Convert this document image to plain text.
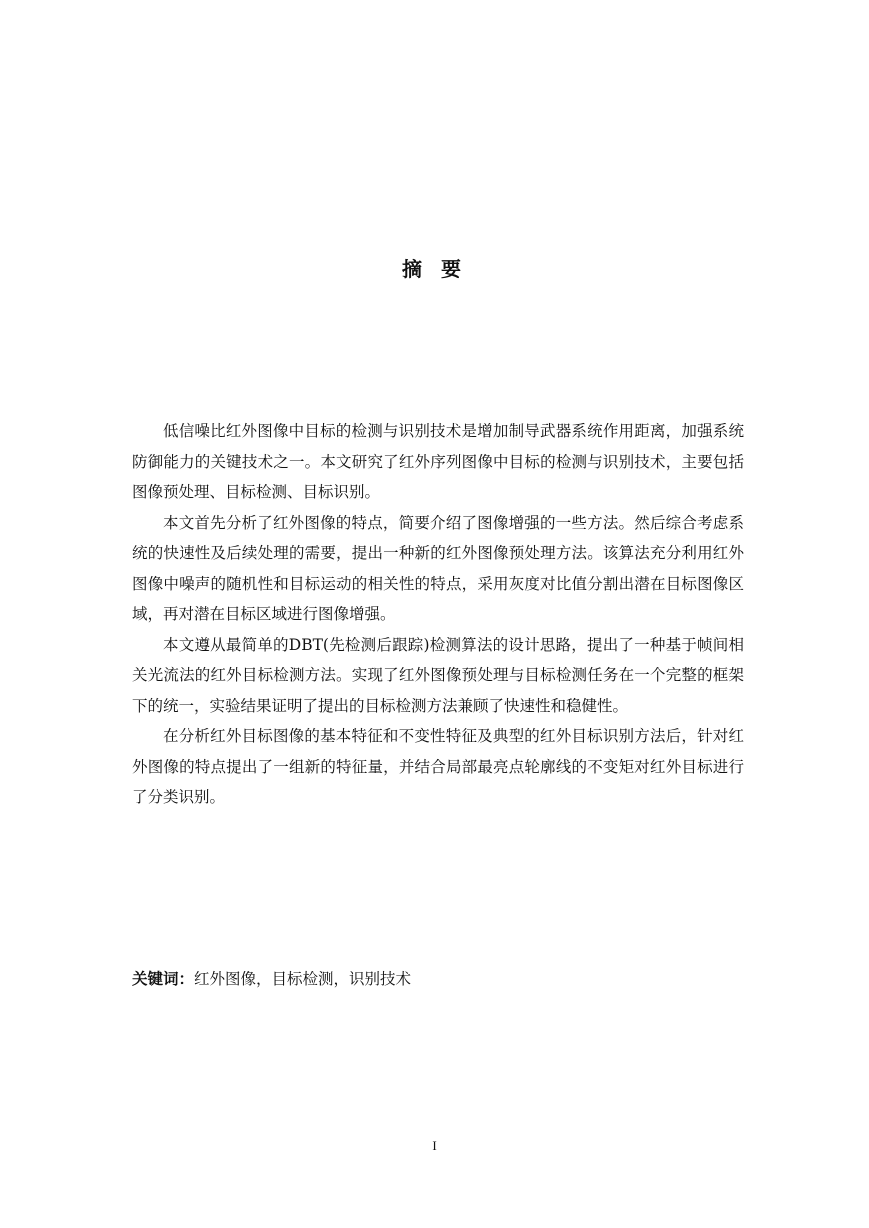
摘 要

低信噪比红外图像中目标的检测与识别技术是增加制导武器系统作用距离，加强系统防御能力的关键技术之一。本文研究了红外序列图像中目标的检测与识别技术，主要包括图像预处理、目标检测、目标识别。

本文首先分析了红外图像的特点，简要介绍了图像增强的一些方法。然后综合考虑系统的快速性及后续处理的需要，提出一种新的红外图像预处理方法。该算法充分利用红外图像中噪声的随机性和目标运动的相关性的特点，采用灰度对比值分割出潜在目标图像区域，再对潜在目标区域进行图像增强。

本文遵从最简单的DBT(先检测后跟踪)检测算法的设计思路，提出了一种基于帧间相关光流法的红外目标检测方法。实现了红外图像预处理与目标检测任务在一个完整的框架下的统一，实验结果证明了提出的目标检测方法兼顾了快速性和稳健性。

在分析红外目标图像的基本特征和不变性特征及典型的红外目标识别方法后，针对红外图像的特点提出了一组新的特征量，并结合局部最亮点轮廓线的不变矩对红外目标进行了分类识别。

关键词：红外图像，目标检测，识别技术
I
